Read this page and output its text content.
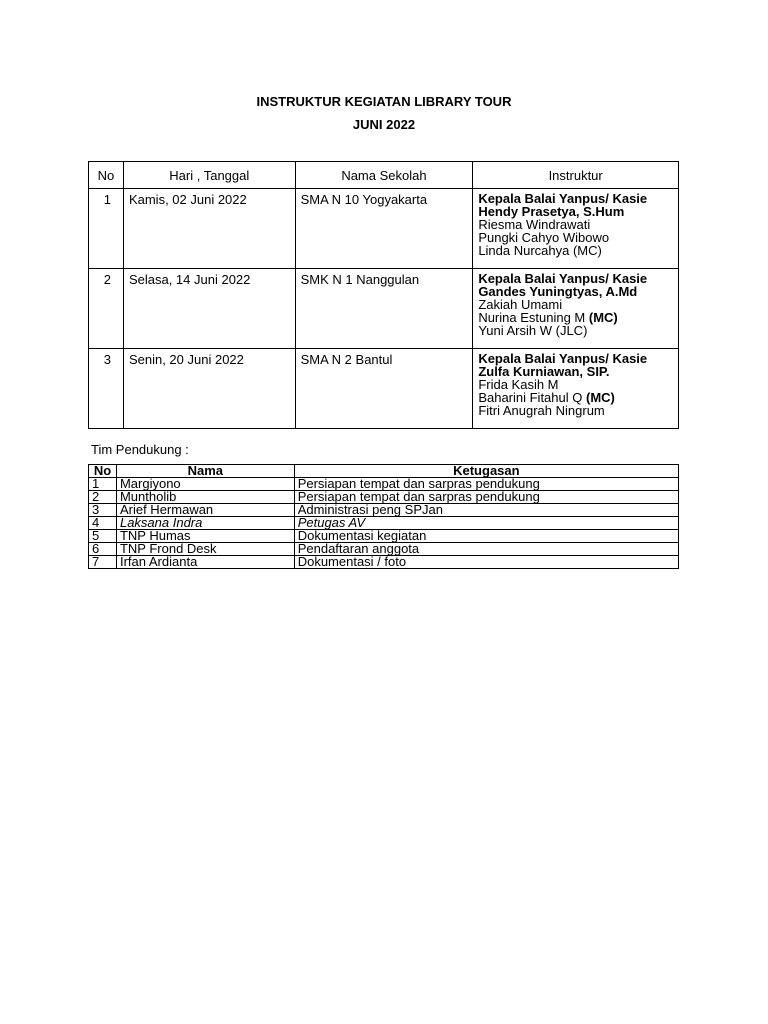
INSTRUKTUR KEGIATAN LIBRARY TOUR
JUNI 2022
No	Hari , Tanggal	Nama Sekolah	Instruktur
1	Kamis, 02 Juni 2022	SMA N 10 Yogyakarta	Kepala Balai Yanpus/ Kasie
Hendy Prasetya, S.Hum
Riesma Windrawati
Pungki Cahyo Wibowo
Linda Nurcahya (MC)

2	Selasa, 14 Juni 2022	SMK N 1 Nanggulan	Kepala Balai Yanpus/ Kasie
Gandes Yuningtyas, A.Md
Zakiah Umami
Nurina Estuning M (MC)
Yuni Arsih W (JLC)

3	Senin, 20 Juni 2022	SMA N 2 Bantul	Kepala Balai Yanpus/ Kasie
Zulfa Kurniawan, SIP.
Frida Kasih M
Baharini Fitahul Q (MC)
Fitri Anugrah Ningrum
Tim Pendukung :
No	Nama	Ketugasan
1	Margiyono	Persiapan tempat dan sarpras pendukung
2	Muntholib	Persiapan tempat dan sarpras pendukung
3	Arief Hermawan	Administrasi peng SPJan
4	Laksana Indra	Petugas AV
5	TNP Humas	Dokumentasi kegiatan
6	TNP Frond Desk	Pendaftaran anggota
7	Irfan Ardianta	Dokumentasi / foto
